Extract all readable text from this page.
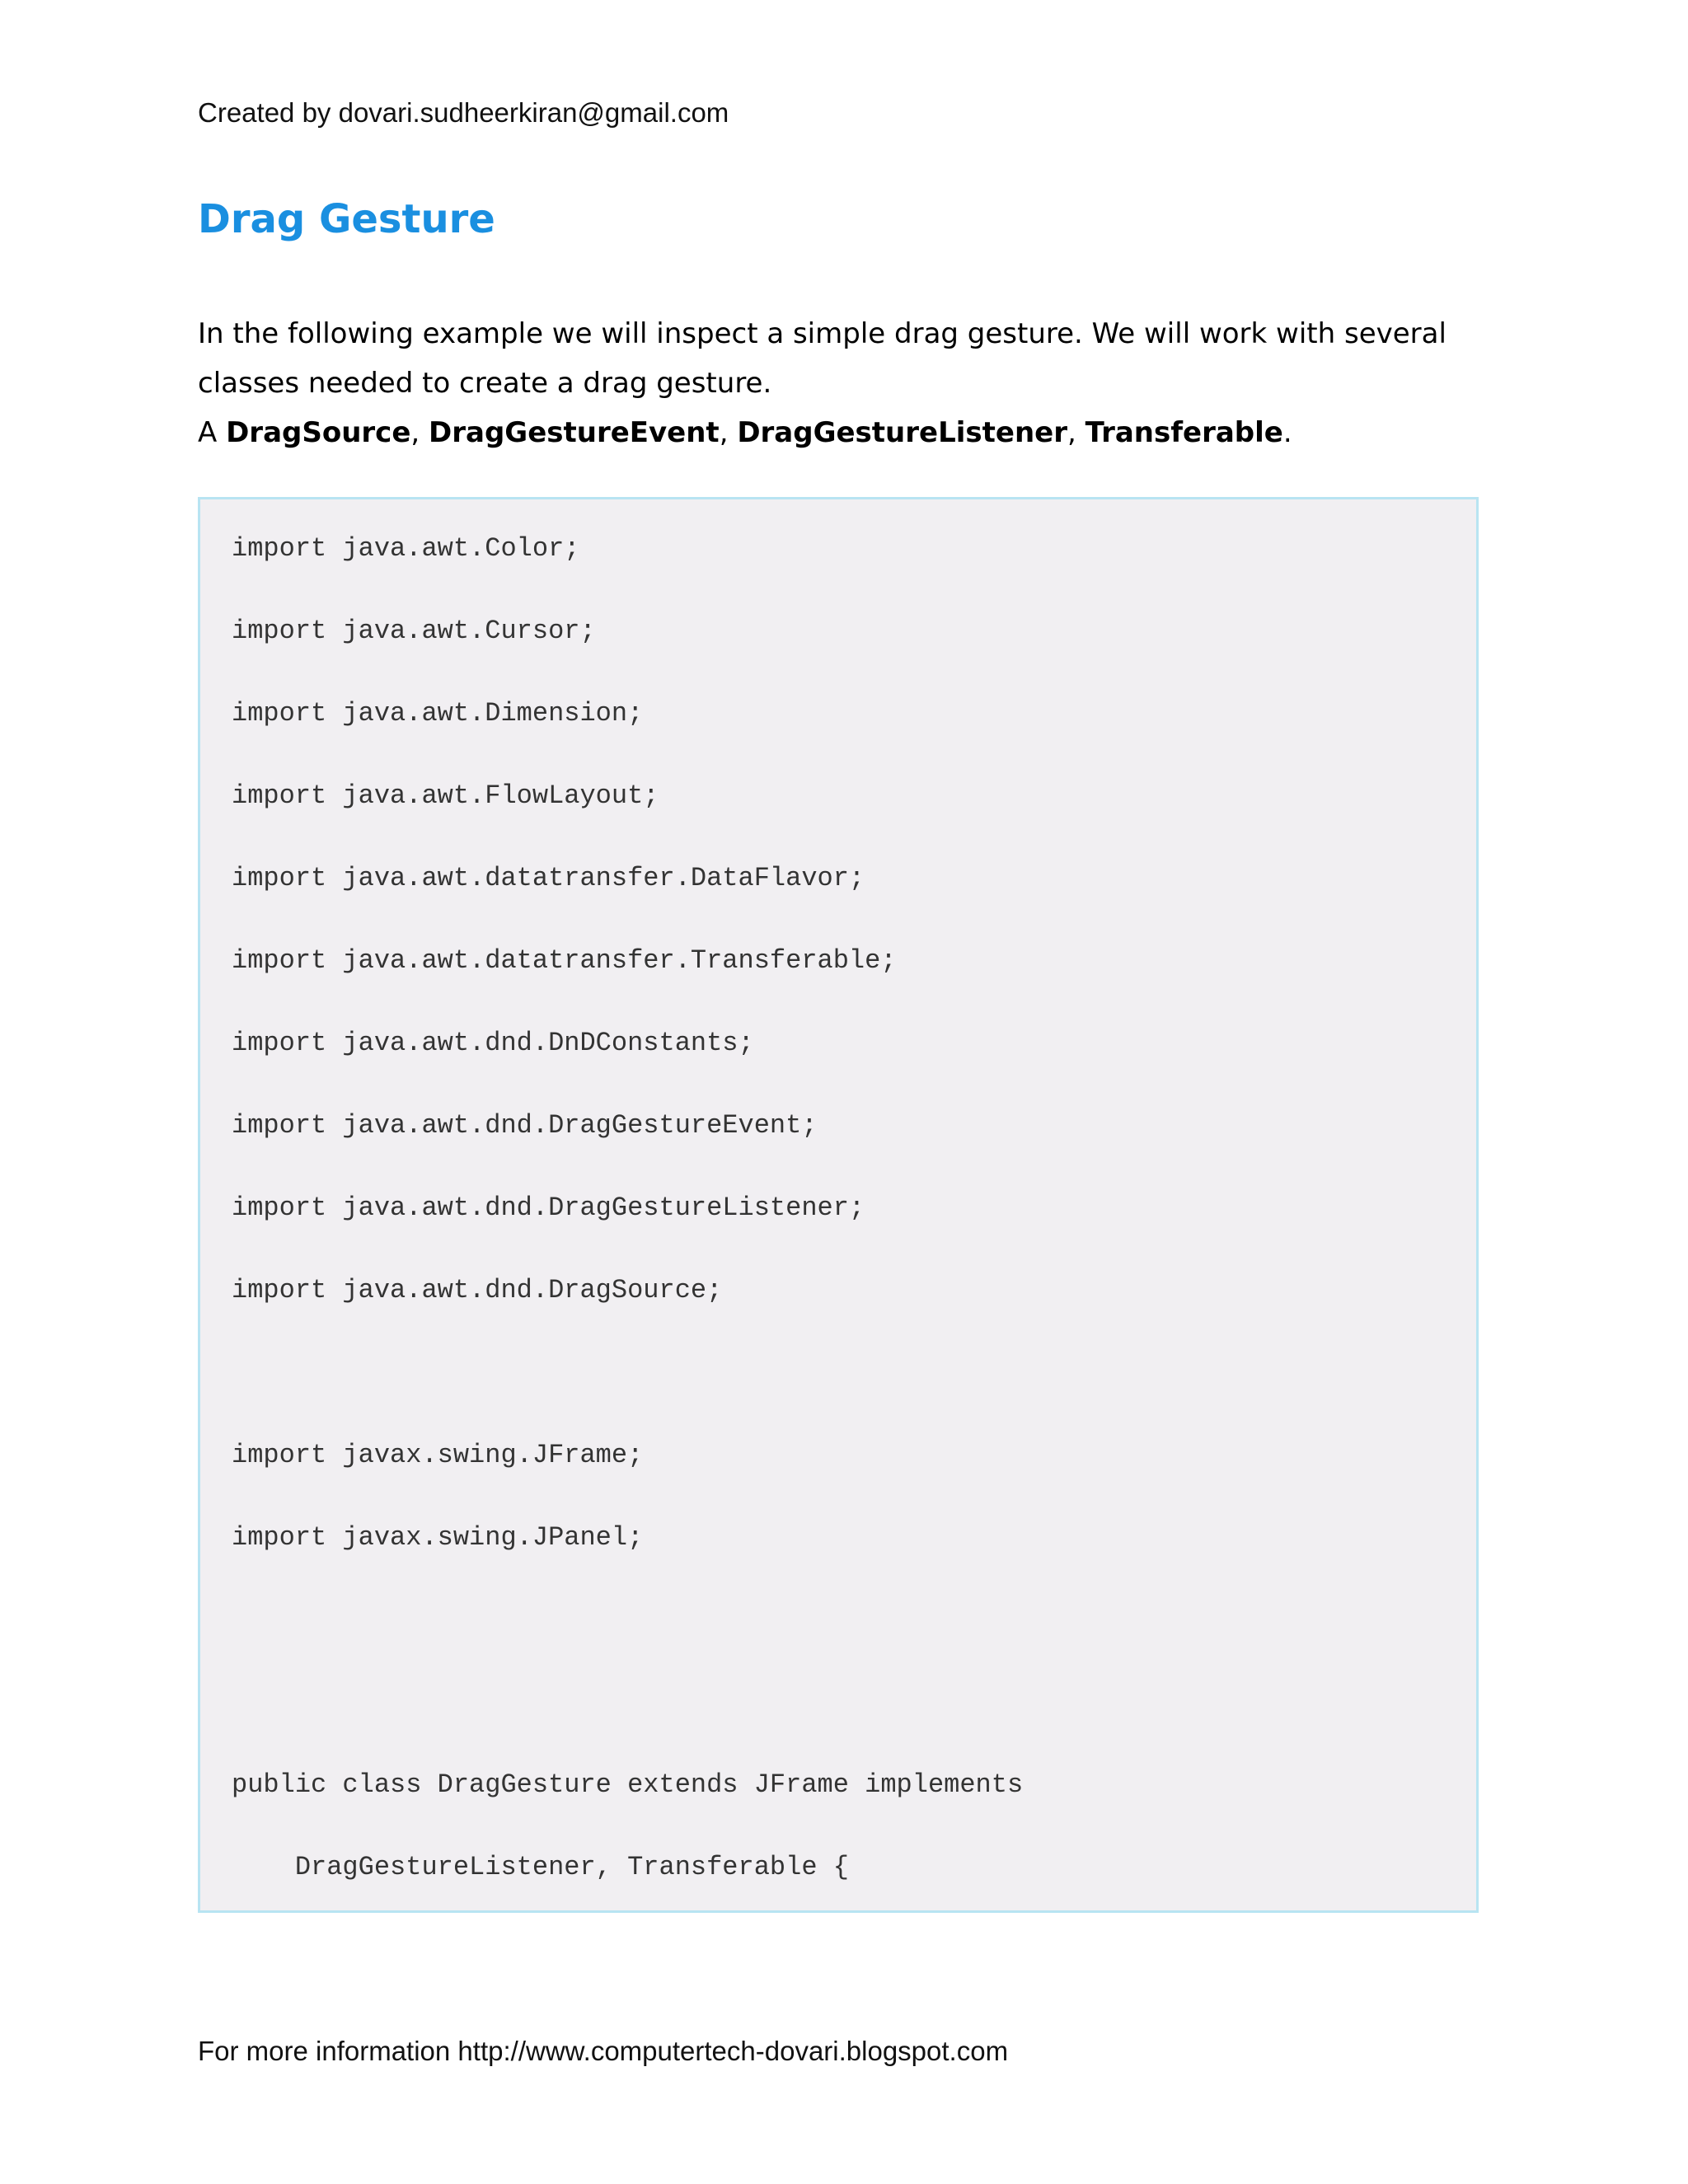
Created by dovari.sudheerkiran@gmail.com
Drag Gesture

In the following example we will inspect a simple drag gesture. We will work with several classes needed to create a drag gesture.

A DragSource, DragGestureEvent, DragGestureListener, Transferable.

import java.awt.Color;
import java.awt.Cursor;
import java.awt.Dimension;
import java.awt.FlowLayout;
import java.awt.datatransfer.DataFlavor;
import java.awt.datatransfer.Transferable;
import java.awt.dnd.DnDConstants;
import java.awt.dnd.DragGestureEvent;
import java.awt.dnd.DragGestureListener;
import java.awt.dnd.DragSource;
import javax.swing.JFrame;
import javax.swing.JPanel;
public class DragGesture extends JFrame implements
DragGestureListener, Transferable {
For more information http://www.computertech-dovari.blogspot.com
